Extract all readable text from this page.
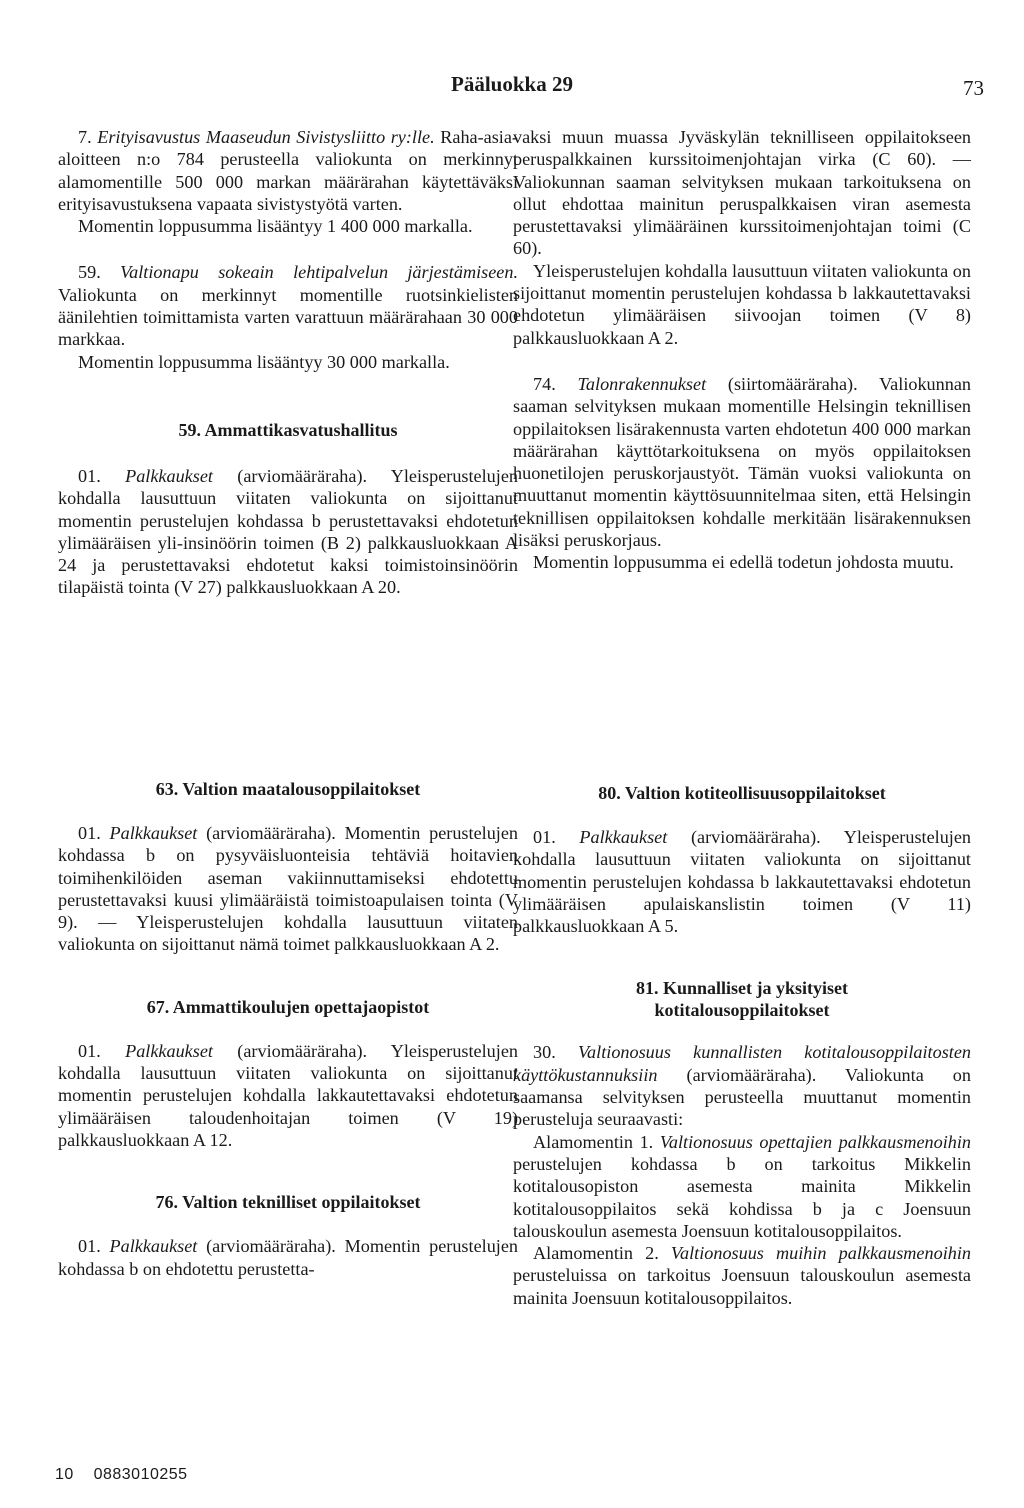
Pääluokka 29	73

7. Erityisavustus Maaseudun Sivistysliitto ry:lle. Raha-asia-aloitteen n:o 784 perusteella valiokunta on merkinnyt alamomentille 500 000 markan määrärahan käytettäväksi erityisavustuksena vapaata sivistystyötä varten.

Momentin loppusumma lisääntyy 1 400 000 markalla.

59. Valtionapu sokeain lehtipalvelun järjestämiseen. Valiokunta on merkinnyt momentille ruotsinkielisten äänilehtien toimittamista varten varattuun määrärahaan 30 000 markkaa.

Momentin loppusumma lisääntyy 30 000 markalla.

59. Ammattikasvatushallitus

01. Palkkaukset (arviomääräraha). Yleisperustelujen kohdalla lausuttuun viitaten valiokunta on sijoittanut momentin perustelujen kohdassa b perustettavaksi ehdotetun ylimääräisen yli-insinöörin toimen (B 2) palkkausluokkaan A 24 ja perustettavaksi ehdotetut kaksi toimistoinsinöörin tilapäistä tointa (V 27) palkkausluokkaan A 20.

63. Valtion maatalousoppilaitokset

01. Palkkaukset (arviomääräraha). Momentin perustelujen kohdassa b on pysyväisluonteisia tehtäviä hoitavien toimihenkilöiden aseman vakiinnuttamiseksi ehdotettu perustettavaksi kuusi ylimääräistä toimistoapulaisen tointa (V 9). — Yleisperustelujen kohdalla lausuttuun viitaten valiokunta on sijoittanut nämä toimet palkkausluokkaan A 2.

67. Ammattikoulujen opettajaopistot

01. Palkkaukset (arviomääräraha). Yleisperustelujen kohdalla lausuttuun viitaten valiokunta on sijoittanut momentin perustelujen kohdalla lakkautettavaksi ehdotetun ylimääräisen taloudenhoitajan toimen (V 19) palkkausluokkaan A 12.

76. Valtion teknilliset oppilaitokset

01. Palkkaukset (arviomääräraha). Momentin perustelujen kohdassa b on ehdotettu perustetta-

vaksi muun muassa Jyväskylän teknilliseen oppilaitokseen peruspalkkainen kurssitoimenjohtajan virka (C 60). — Valiokunnan saaman selvityksen mukaan tarkoituksena on ollut ehdottaa mainitun peruspalkkaisen viran asemesta perustettavaksi ylimääräinen kurssitoimenjohtajan toimi (C 60).

Yleisperustelujen kohdalla lausuttuun viitaten valiokunta on sijoittanut momentin perustelujen kohdassa b lakkautettavaksi ehdotetun ylimääräisen siivoojan toimen (V 8) palkkausluokkaan A 2.

74. Talonrakennukset (siirtomääräraha). Valiokunnan saaman selvityksen mukaan momentille Helsingin teknillisen oppilaitoksen lisärakennusta varten ehdotetun 400 000 markan määrärahan käyttötarkoituksena on myös oppilaitoksen huonetilojen peruskorjaustyöt. Tämän vuoksi valiokunta on muuttanut momentin käyttösuunnitelmaa siten, että Helsingin teknillisen oppilaitoksen kohdalle merkitään lisärakennuksen lisäksi peruskorjaus.

Momentin loppusumma ei edellä todetun johdosta muutu.

80. Valtion kotiteollisuusoppilaitokset

01. Palkkaukset (arviomääräraha). Yleisperustelujen kohdalla lausuttuun viitaten valiokunta on sijoittanut momentin perustelujen kohdassa b lakkautettavaksi ehdotetun ylimääräisen apulaiskanslistin toimen (V 11) palkkausluokkaan A 5.

81. Kunnalliset ja yksityiset kotitalousoppilaitokset

30. Valtionosuus kunnallisten kotitalousoppilaitosten käyttökustannuksiin (arviomääräraha). Valiokunta on saamansa selvityksen perusteella muuttanut momentin perusteluja seuraavasti:

Alamomentin 1. Valtionosuus opettajien palkkausmenoihin perustelujen kohdassa b on tarkoitus Mikkelin kotitalousopiston asemesta mainita Mikkelin kotitalousoppilaitos sekä kohdissa b ja c Joensuun talouskoulun asemesta Joensuun kotitalousoppilaitos.

Alamomentin 2. Valtionosuus muihin palkkausmenoihin perusteluissa on tarkoitus Joensuun talouskoulun asemesta mainita Joensuun kotitalousoppilaitos.

10    0883010255
